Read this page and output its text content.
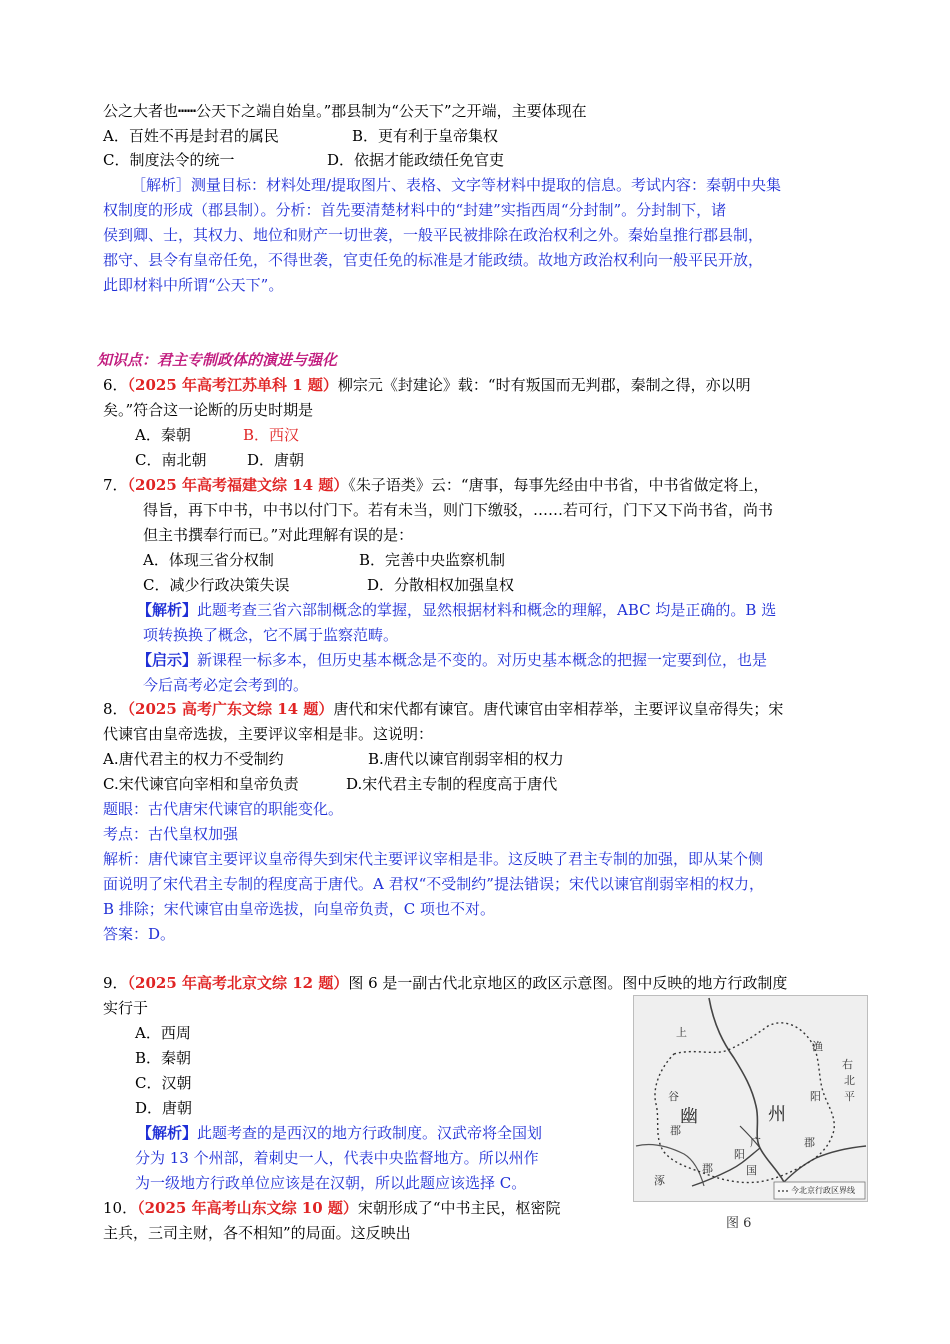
公之大者也┅┅公天下之端自始皇。”郡县制为“公天下”之开端，主要体现在
A．百姓不再是封君的属民	B．更有利于皇帝集权
C．制度法令的统一	D．依据才能政绩任免官吏
［解析］测量目标：材料处理/提取图片、表格、文字等材料中提取的信息。考试内容：秦朝中央集
权制度的形成（郡县制）。分析：首先要清楚材料中的“封建”实指西周“分封制”。分封制下，诸
侯到卿、士，其权力、地位和财产一切世袭，一般平民被排除在政治权利之外。秦始皇推行郡县制，
郡守、县令有皇帝任免，不得世袭，官吏任免的标准是才能政绩。故地方政治权利向一般平民开放，
此即材料中所谓“公天下”。
知识点：君主专制政体的演进与强化
6．（2025 年高考江苏单科 1 题）柳宗元《封建论》载：“时有叛国而无判郡，秦制之得，亦以明
矣。”符合这一论断的历史时期是
A．秦朝	B．西汉
C．南北朝	D．唐朝
7．（2025 年高考福建文综 14 题）《朱子语类》云：“唐事，每事先经由中书省，中书省做定将上，
得旨，再下中书，中书以付门下。若有未当，则门下缴驳，……若可行，门下又下尚书省，尚书
但主书撰奉行而已。”对此理解有误的是：
A．体现三省分权制	B．完善中央监察机制
C．减少行政决策失误	D．分散相权加强皇权
【解析】此题考查三省六部制概念的掌握，显然根据材料和概念的理解，ABC 均是正确的。B 选
项转换换了概念，它不属于监察范畴。
【启示】新课程一标多本，但历史基本概念是不变的。对历史基本概念的把握一定要到位，也是
今后高考必定会考到的。
8．（2025 高考广东文综 14 题）唐代和宋代都有谏官。唐代谏官由宰相荐举，主要评议皇帝得失；宋
代谏官由皇帝选拔，主要评议宰相是非。这说明：
A.唐代君主的权力不受制约	B.唐代以谏官削弱宰相的权力
C.宋代谏官向宰相和皇帝负责	D.宋代君主专制的程度高于唐代
题眼：古代唐宋代谏官的职能变化。
考点：古代皇权加强
解析：唐代谏官主要评议皇帝得失到宋代主要评议宰相是非。这反映了君主专制的加强，即从某个侧
面说明了宋代君主专制的程度高于唐代。A 君权“不受制约”提法错误；宋代以谏官削弱宰相的权力，
B 排除；宋代谏官由皇帝选拔，向皇帝负责，C 项也不对。
答案：D。
9．（2025 年高考北京文综 12 题）图 6 是一副古代北京地区的政区示意图。图中反映的地方行政制度
实行于
A．西周
B．秦朝
C．汉朝
D．唐朝
【解析】此题考查的是西汉的地方行政制度。汉武帝将全国划
分为 13 个州部，着刺史一人，代表中央监督地方。所以州作
为一级地方行政单位应该是在汉朝，所以此题应该选择 C。
上
谷
郡
幽	州
渔
阳
郡
广
阳
国
涿
郡
右
北
平
今北京行政区界线
图 6
10．（2025 年高考山东文综 10 题）宋朝形成了“中书主民，枢密院
主兵，三司主财，各不相知”的局面。这反映出
